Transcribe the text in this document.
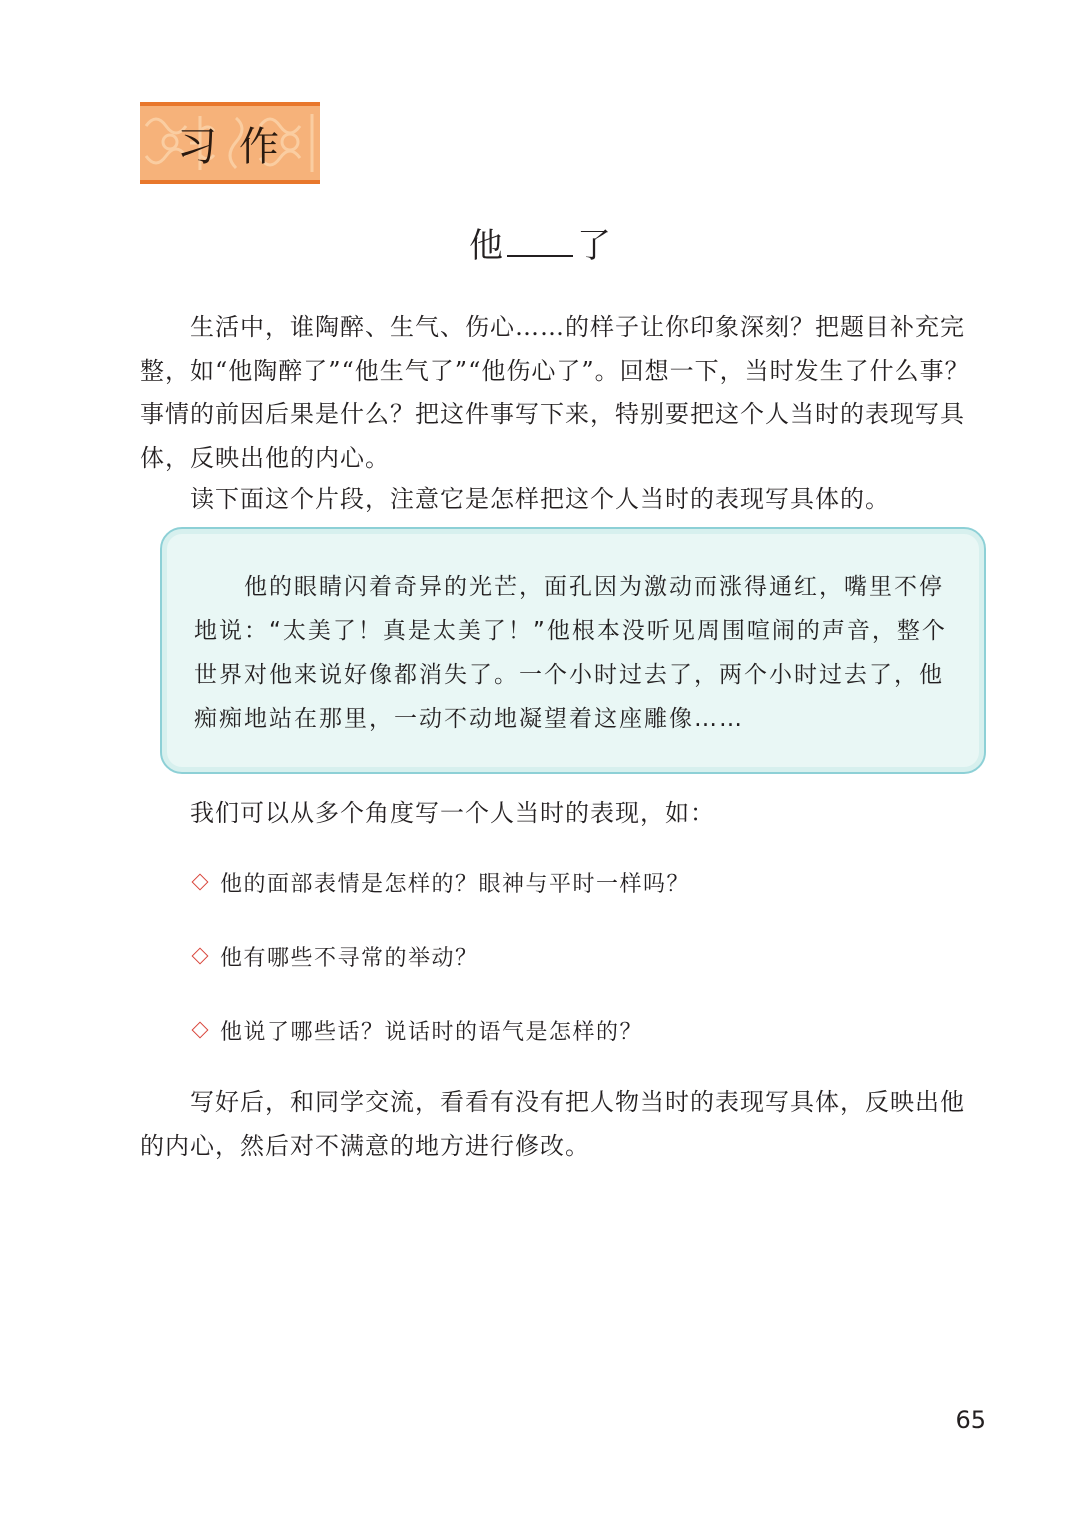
习作
他 了

生活中，谁陶醉、生气、伤心……的样子让你印象深刻？把题目补充完整，如“他陶醉了”“他生气了”“他伤心了”。回想一下，当时发生了什么事？事情的前因后果是什么？把这件事写下来，特别要把这个人当时的表现写具体，反映出他的内心。

读下面这个片段，注意它是怎样把这个人当时的表现写具体的。

他的眼睛闪着奇异的光芒，面孔因为激动而涨得通红，嘴里不停地说：“太美了！真是太美了！”他根本没听见周围喧闹的声音，整个世界对他来说好像都消失了。一个小时过去了，两个小时过去了，他痴痴地站在那里，一动不动地凝望着这座雕像……

我们可以从多个角度写一个人当时的表现，如：

他的面部表情是怎样的？眼神与平时一样吗？
他有哪些不寻常的举动？
他说了哪些话？说话时的语气是怎样的？

写好后，和同学交流，看看有没有把人物当时的表现写具体，反映出他的内心，然后对不满意的地方进行修改。

65
